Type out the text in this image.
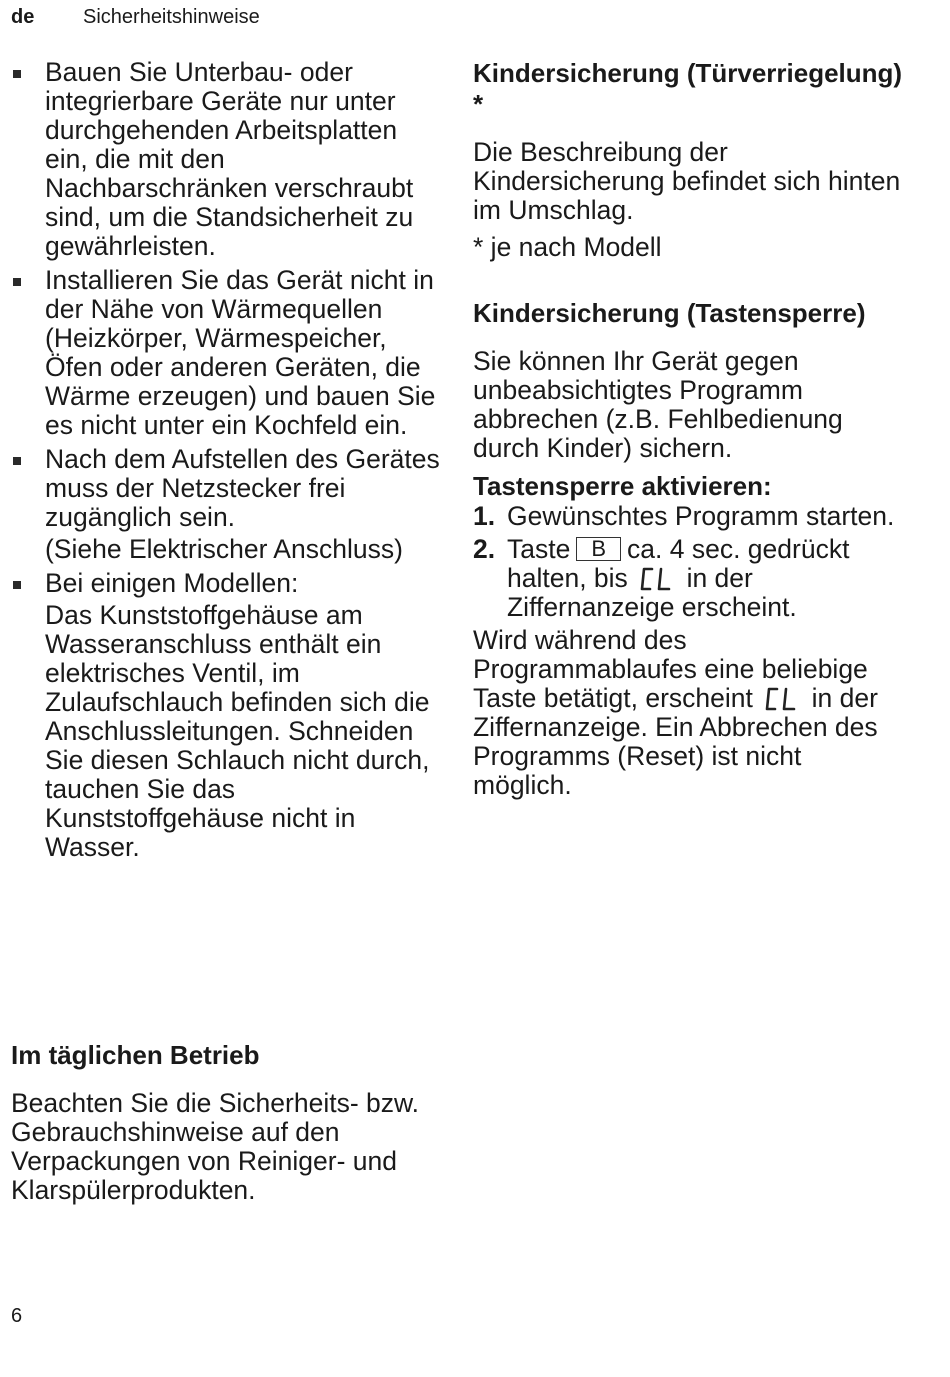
de Sicherheitshinweise
Bauen Sie Unterbau- oder integrierbare Geräte nur unter durchgehenden Arbeitsplatten ein, die mit den Nachbarschränken verschraubt sind, um die Standsicherheit zu gewährleisten.
Installieren Sie das Gerät nicht in der Nähe von Wärmequellen (Heizkörper, Wärmespeicher, Öfen oder anderen Geräten, die Wärme erzeugen) und bauen Sie es nicht unter ein Kochfeld ein.
Nach dem Aufstellen des Gerätes muss der Netzstecker frei zugänglich sein.

(Siehe Elektrischer Anschluss)

Bei einigen Modellen:

Das Kunststoffgehäuse am Wasseranschluss enthält ein elektrisches Ventil, im Zulaufschlauch befinden sich die Anschlussleitungen. Schneiden Sie diesen Schlauch nicht durch, tauchen Sie das Kunststoffgehäuse nicht in Wasser.

Im täglichen Betrieb

Beachten Sie die Sicherheits- bzw. Gebrauchshinweise auf den Verpackungen von Reiniger- und Klarspülerprodukten.

Kindersicherung (Türverriegelung) *

Die Beschreibung der Kindersicherung befindet sich hinten im Umschlag.

* je nach Modell

Kindersicherung (Tastensperre)

Sie können Ihr Gerät gegen unbeabsichtigtes Programm abbrechen (z.B. Fehlbedienung durch Kinder) sichern.

Tastensperre aktivieren:
1. Gewünschtes Programm starten.
2. Taste B ca. 4 sec. gedrückt halten, bis in der Ziffernanzeige erscheint.

Wird während des Programmablaufes eine beliebige Taste betätigt, erscheint in der Ziffernanzeige. Ein Abbrechen des Programms (Reset) ist nicht möglich.

6
